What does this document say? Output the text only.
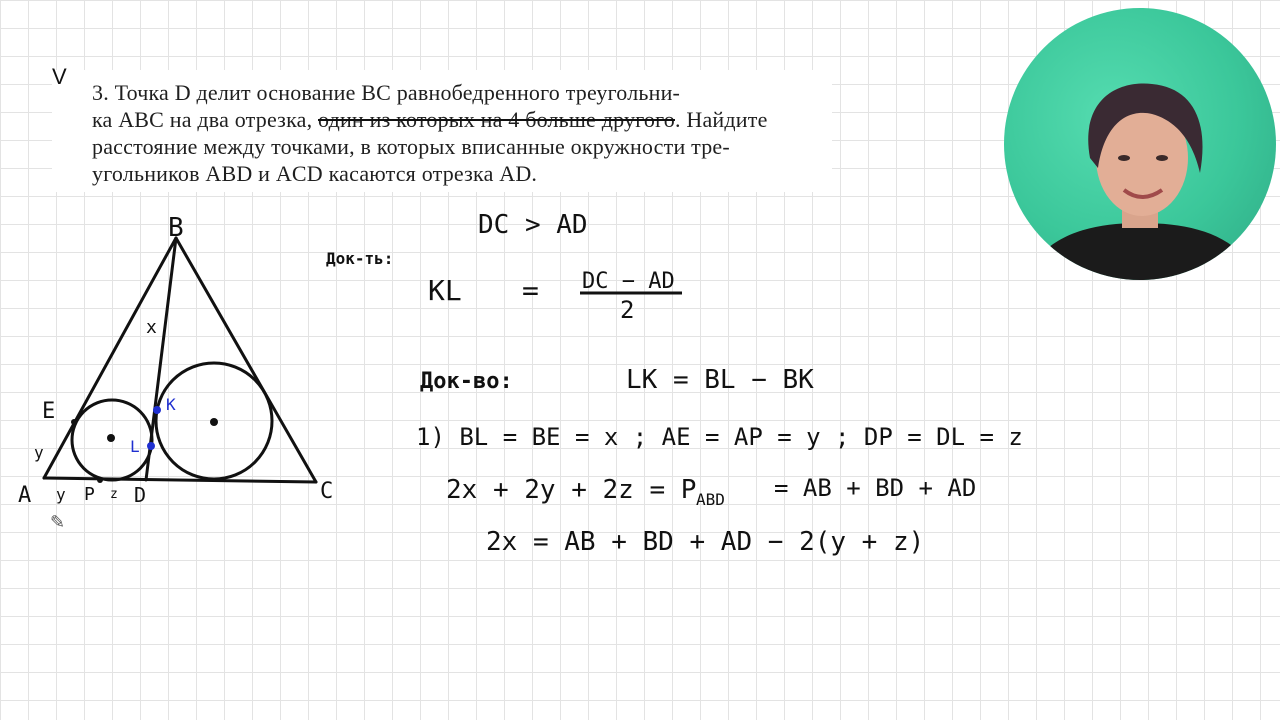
3. Точка D делит основание BC равнобедренного треугольни-
ка ABC на два отрезка, один из которых на 4 больше другого. Найдите
расстояние между точками, в которых вписанные окружности тре-
угольников ABD и ACD касаются отрезка AD.
V
B
A	C
E
x
y
y P z D
K
L
DC > AD
Док-ть:
KL = DC − AD
2
Док-во:	LK = BL − BK
1) BL = BE = x ; AE = AP = y ; DP = DL = z
2x + 2y + 2z = P ABD = AB + BD + AD
2x = AB + BD + AD − 2(y + z)
✎
